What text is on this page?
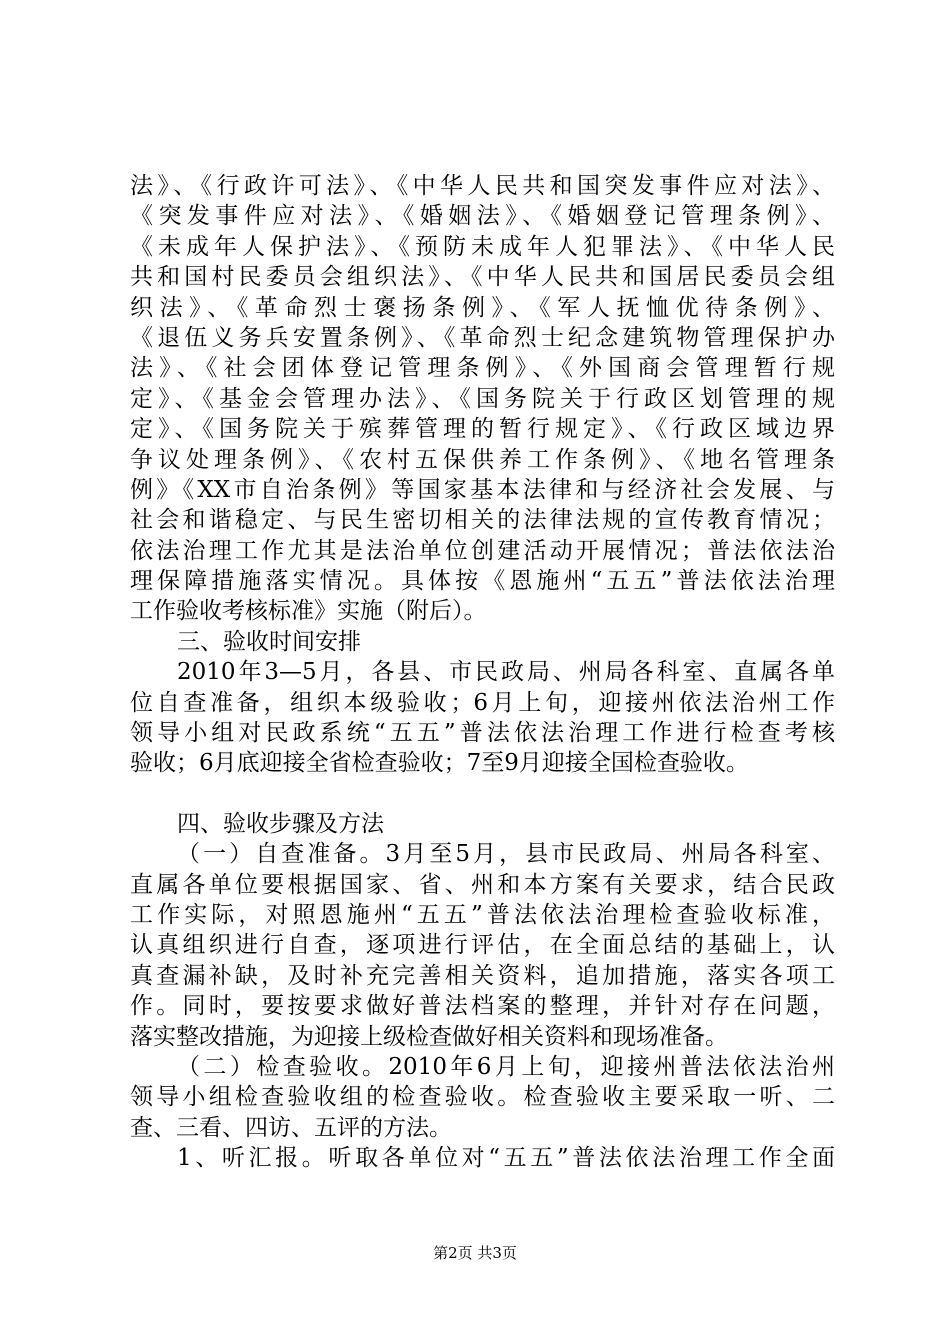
法》、《行政许可法》、《中华人民共和国突发事件应对法》、
《突发事件应对法》、《婚姻法》、《婚姻登记管理条例》、
《未成年人保护法》、《预防未成年人犯罪法》、《中华人民
共和国村民委员会组织法》、《中华人民共和国居民委员会组
织法》、《革命烈士褒扬条例》、《军人抚恤优待条例》、
《退伍义务兵安置条例》、《革命烈士纪念建筑物管理保护办
法》、《社会团体登记管理条例》、《外国商会管理暂行规
定》、《基金会管理办法》、《国务院关于行政区划管理的规
定》、《国务院关于殡葬管理的暂行规定》、《行政区域边界
争议处理条例》、《农村五保供养工作条例》、《地名管理条
例》《XX市自治条例》等国家基本法律和与经济社会发展、与
社会和谐稳定、与民生密切相关的法律法规的宣传教育情况；
依法治理工作尤其是法治单位创建活动开展情况；普法依法治
理保障措施落实情况。具体按《恩施州“五五”普法依法治理
工作验收考核标准》实施（附后）。
三、验收时间安排
2010年3—5月，各县、市民政局、州局各科室、直属各单
位自查准备，组织本级验收；6月上旬，迎接州依法治州工作
领导小组对民政系统“五五”普法依法治理工作进行检查考核
验收；6月底迎接全省检查验收；7至9月迎接全国检查验收。
四、验收步骤及方法
（一）自查准备。3月至5月，县市民政局、州局各科室、
直属各单位要根据国家、省、州和本方案有关要求，结合民政
工作实际，对照恩施州“五五”普法依法治理检查验收标准，
认真组织进行自查，逐项进行评估，在全面总结的基础上，认
真查漏补缺，及时补充完善相关资料，追加措施，落实各项工
作。同时，要按要求做好普法档案的整理，并针对存在问题，
落实整改措施，为迎接上级检查做好相关资料和现场准备。
（二）检查验收。2010年6月上旬，迎接州普法依法治州
领导小组检查验收组的检查验收。检查验收主要采取一听、二
查、三看、四访、五评的方法。
1、听汇报。听取各单位对“五五”普法依法治理工作全面
第2页 共3页
